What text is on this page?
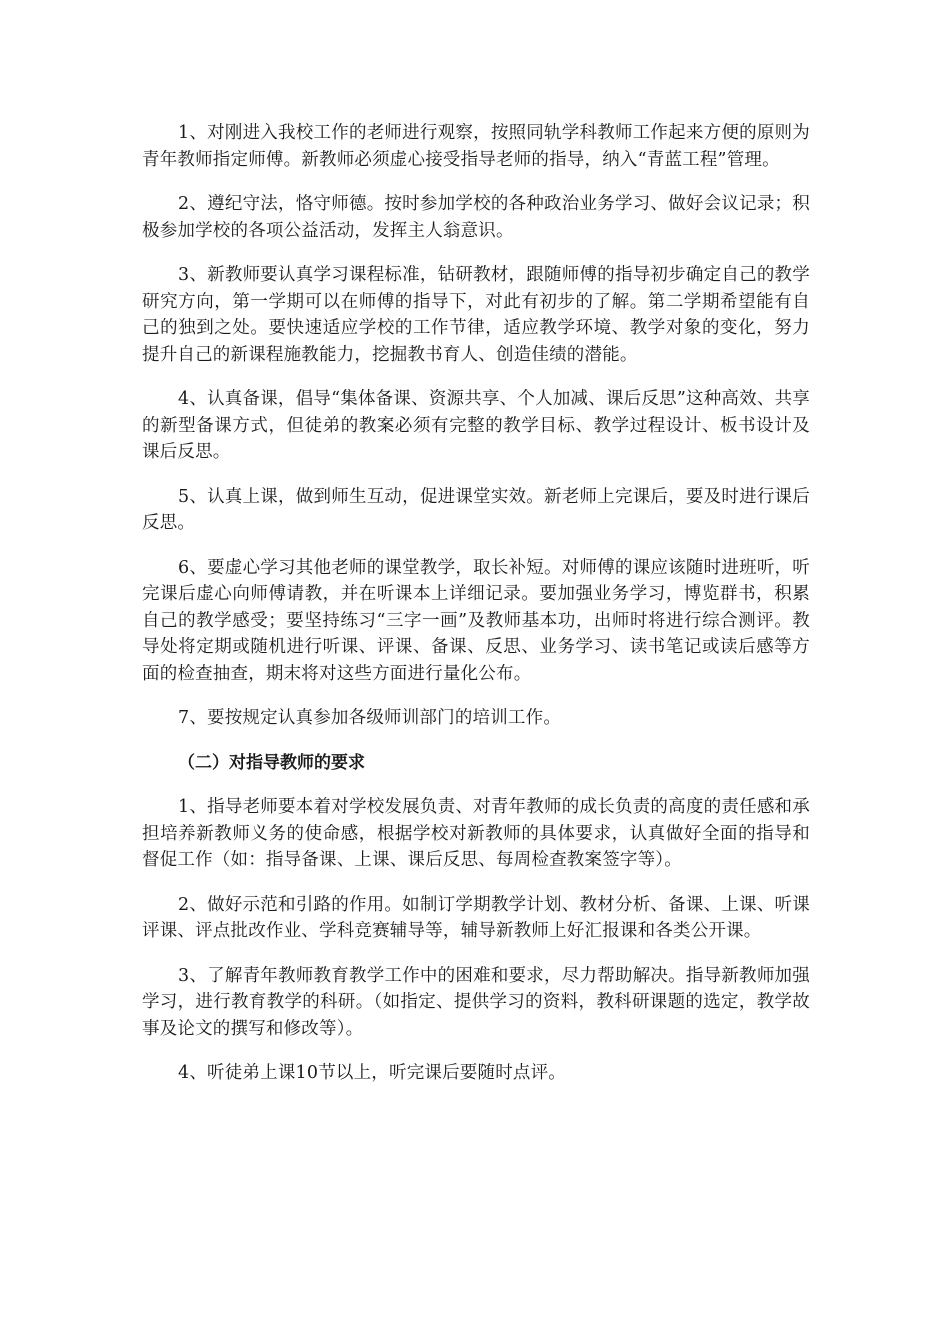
1、对刚进入我校工作的老师进行观察，按照同轨学科教师工作起来方便的原则为青年教师指定师傅。新教师必须虚心接受指导老师的指导，纳入“青蓝工程”管理。

2、遵纪守法，恪守师德。按时参加学校的各种政治业务学习、做好会议记录；积极参加学校的各项公益活动，发挥主人翁意识。

3、新教师要认真学习课程标准，钻研教材，跟随师傅的指导初步确定自己的教学研究方向，第一学期可以在师傅的指导下，对此有初步的了解。第二学期希望能有自己的独到之处。要快速适应学校的工作节律，适应教学环境、教学对象的变化，努力提升自己的新课程施教能力，挖掘教书育人、创造佳绩的潜能。

4、认真备课，倡导“集体备课、资源共享、个人加减、课后反思”这种高效、共享的新型备课方式，但徒弟的教案必须有完整的教学目标、教学过程设计、板书设计及课后反思。

5、认真上课，做到师生互动，促进课堂实效。新老师上完课后，要及时进行课后反思。

6、要虚心学习其他老师的课堂教学，取长补短。对师傅的课应该随时进班听，听完课后虚心向师傅请教，并在听课本上详细记录。要加强业务学习，博览群书，积累自己的教学感受；要坚持练习“三字一画”及教师基本功，出师时将进行综合测评。教导处将定期或随机进行听课、评课、备课、反思、业务学习、读书笔记或读后感等方面的检查抽查，期末将对这些方面进行量化公布。

7、要按规定认真参加各级师训部门的培训工作。

（二）对指导教师的要求

1、指导老师要本着对学校发展负责、对青年教师的成长负责的高度的责任感和承担培养新教师义务的使命感，根据学校对新教师的具体要求，认真做好全面的指导和督促工作（如：指导备课、上课、课后反思、每周检查教案签字等）。

2、做好示范和引路的作用。如制订学期教学计划、教材分析、备课、上课、听课评课、评点批改作业、学科竞赛辅导等，辅导新教师上好汇报课和各类公开课。

3、了解青年教师教育教学工作中的困难和要求，尽力帮助解决。指导新教师加强学习，进行教育教学的科研。（如指定、提供学习的资料，教科研课题的选定，教学故事及论文的撰写和修改等）。

4、听徒弟上课10节以上，听完课后要随时点评。
